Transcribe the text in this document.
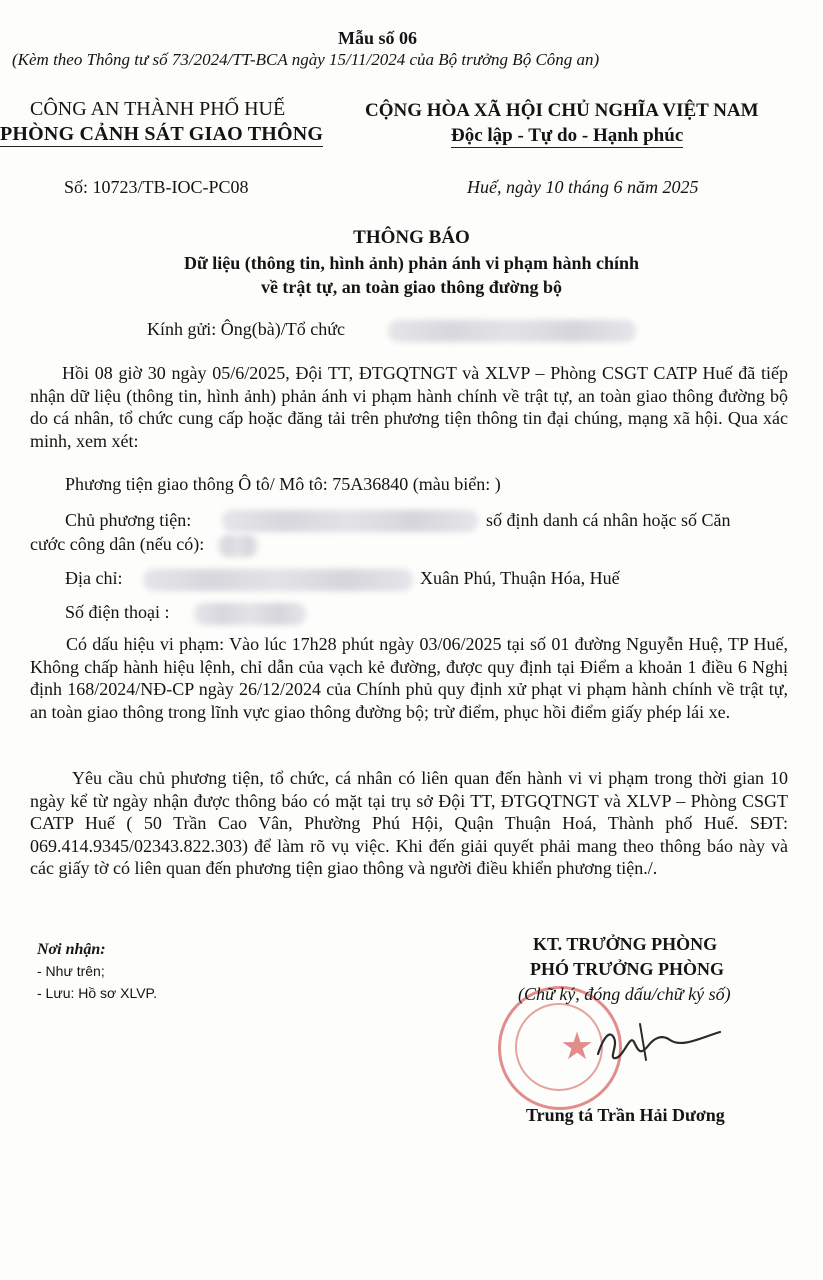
Mẫu số 06
(Kèm theo Thông tư số 73/2024/TT-BCA ngày 15/11/2024 của Bộ trưởng Bộ Công an)
CÔNG AN THÀNH PHỐ HUẾ
PHÒNG CẢNH SÁT GIAO THÔNG
CỘNG HÒA XÃ HỘI CHỦ NGHĨA VIỆT NAM
Độc lập - Tự do - Hạnh phúc
Số: 10723/TB-IOC-PC08	Huế, ngày 10 tháng 6 năm 2025
THÔNG BÁO
Dữ liệu (thông tin, hình ảnh) phản ánh vi phạm hành chính
về trật tự, an toàn giao thông đường bộ
Kính gửi: Ông(bà)/Tổ chức
Hồi 08 giờ 30 ngày 05/6/2025, Đội TT, ĐTGQTNGT và XLVP – Phòng CSGT CATP Huế đã tiếp nhận dữ liệu (thông tin, hình ảnh) phản ánh vi phạm hành chính về trật tự, an toàn giao thông đường bộ do cá nhân, tổ chức cung cấp hoặc đăng tải trên phương tiện thông tin đại chúng, mạng xã hội. Qua xác minh, xem xét:
Phương tiện giao thông Ô tô/ Mô tô: 75A36840 (màu biển: )
Chủ phương tiện:	số định danh cá nhân hoặc số Căn
cước công dân (nếu có):
Địa chỉ:	Xuân Phú, Thuận Hóa, Huế
Số điện thoại :
Có dấu hiệu vi phạm: Vào lúc 17h28 phút ngày 03/06/2025 tại số 01 đường Nguyễn Huệ, TP Huế, Không chấp hành hiệu lệnh, chỉ dẫn của vạch kẻ đường, được quy định tại Điểm a khoản 1 điều 6 Nghị định 168/2024/NĐ-CP ngày 26/12/2024 của Chính phủ quy định xử phạt vi phạm hành chính về trật tự, an toàn giao thông trong lĩnh vực giao thông đường bộ; trừ điểm, phục hồi điểm giấy phép lái xe.
Yêu cầu chủ phương tiện, tổ chức, cá nhân có liên quan đến hành vi vi phạm trong thời gian 10 ngày kể từ ngày nhận được thông báo có mặt tại trụ sở Đội TT, ĐTGQTNGT và XLVP – Phòng CSGT CATP Huế ( 50 Trần Cao Vân, Phường Phú Hội, Quận Thuận Hoá, Thành phố Huế. SĐT: 069.414.9345/02343.822.303) để làm rõ vụ việc. Khi đến giải quyết phải mang theo thông báo này và các giấy tờ có liên quan đến phương tiện giao thông và người điều khiển phương tiện./.
Nơi nhận:
- Như trên;
- Lưu: Hồ sơ XLVP.
★
KT. TRƯỞNG PHÒNG
PHÓ TRƯỞNG PHÒNG
(Chữ ký, đóng dấu/chữ ký số)
Trung tá Trần Hải Dương
